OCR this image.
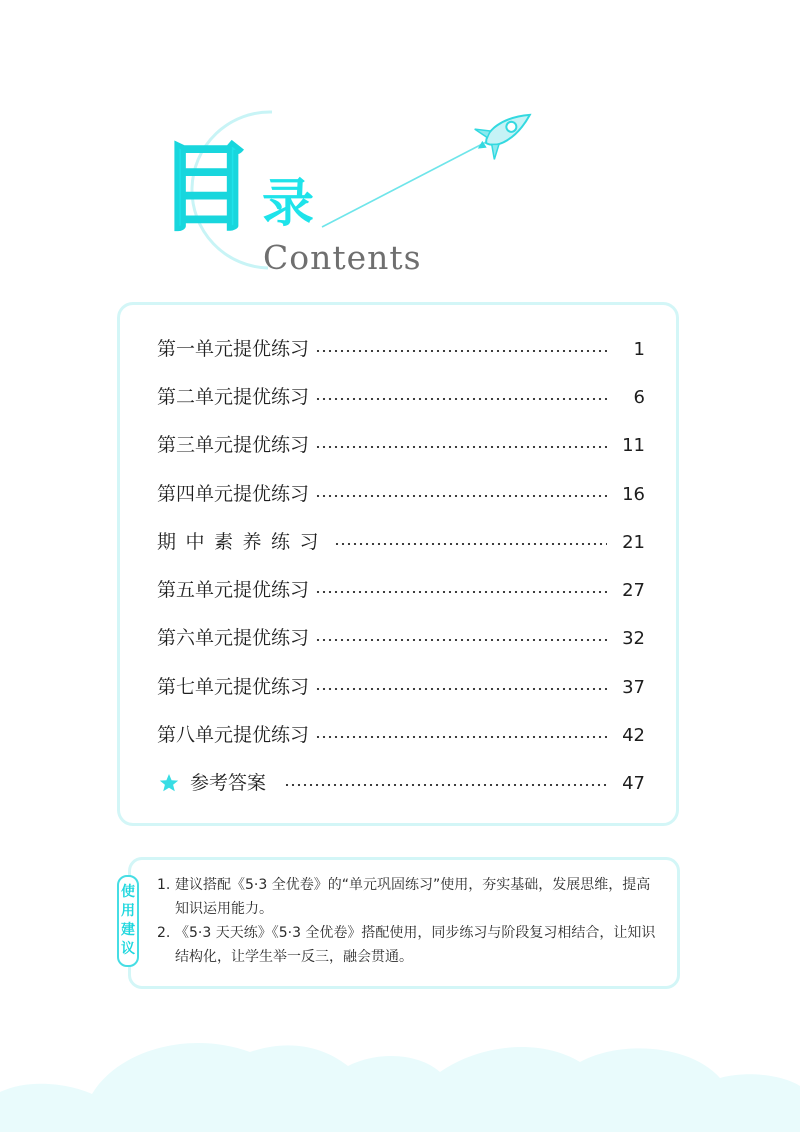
目 录
Contents
第一单元提优练习	1
第二单元提优练习	6
第三单元提优练习	11
第四单元提优练习	16
期中素养练习	21
第五单元提优练习	27
第六单元提优练习	32
第七单元提优练习	37
第八单元提优练习	42
参考答案	47
使
用
建
议
1. 建议搭配《5·3 全优卷》的“单元巩固练习”使用，夯实基础，发展思维，提高知识运用能力。
2. 《5·3 天天练》《5·3 全优卷》搭配使用，同步练习与阶段复习相结合，让知识结构化，让学生举一反三，融会贯通。
